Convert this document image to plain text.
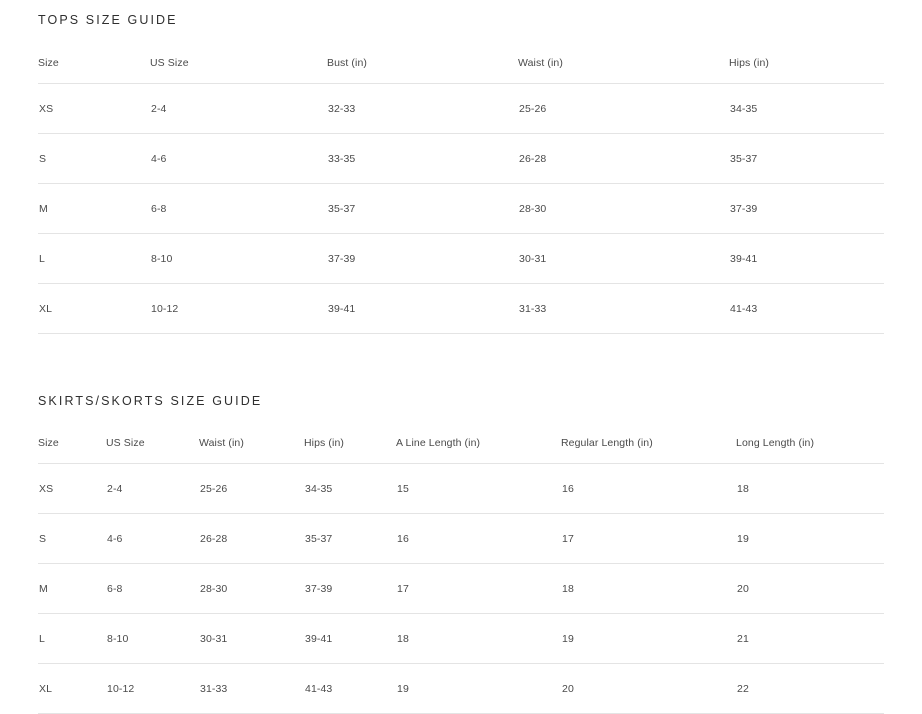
TOPS SIZE GUIDE
Size	US Size	Bust (in)	Waist (in)	Hips (in)
XS	2-4	32-33	25-26	34-35
S	4-6	33-35	26-28	35-37
M	6-8	35-37	28-30	37-39
L	8-10	37-39	30-31	39-41
XL	10-12	39-41	31-33	41-43
SKIRTS/SKORTS SIZE GUIDE
Size	US Size	Waist (in)	Hips (in)	A Line Length (in)	Regular Length (in)	Long Length (in)
XS	2-4	25-26	34-35	15	16	18
S	4-6	26-28	35-37	16	17	19
M	6-8	28-30	37-39	17	18	20
L	8-10	30-31	39-41	18	19	21
XL	10-12	31-33	41-43	19	20	22
